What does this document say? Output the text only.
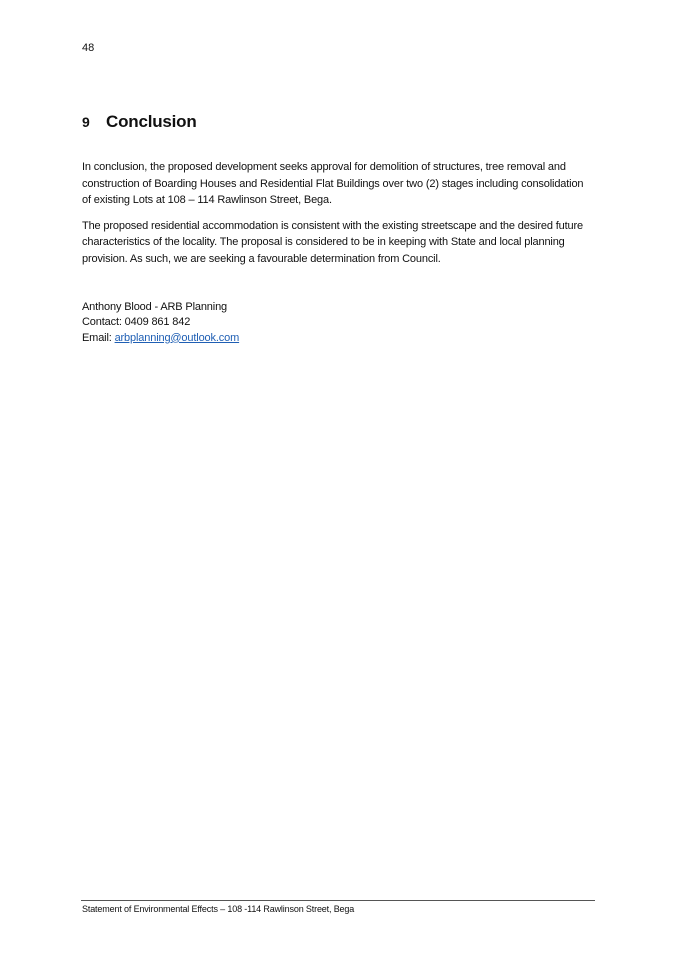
48
9 Conclusion

In conclusion, the proposed development seeks approval for demolition of structures, tree removal and construction of Boarding Houses and Residential Flat Buildings over two (2) stages including consolidation of existing Lots at 108 – 114 Rawlinson Street, Bega.

The proposed residential accommodation is consistent with the existing streetscape and the desired future characteristics of the locality. The proposal is considered to be in keeping with State and local planning provision. As such, we are seeking a favourable determination from Council.

Anthony Blood - ARB Planning
Contact: 0409 861 842
Email: arbplanning@outlook.com
Statement of Environmental Effects – 108 -114 Rawlinson Street, Bega
